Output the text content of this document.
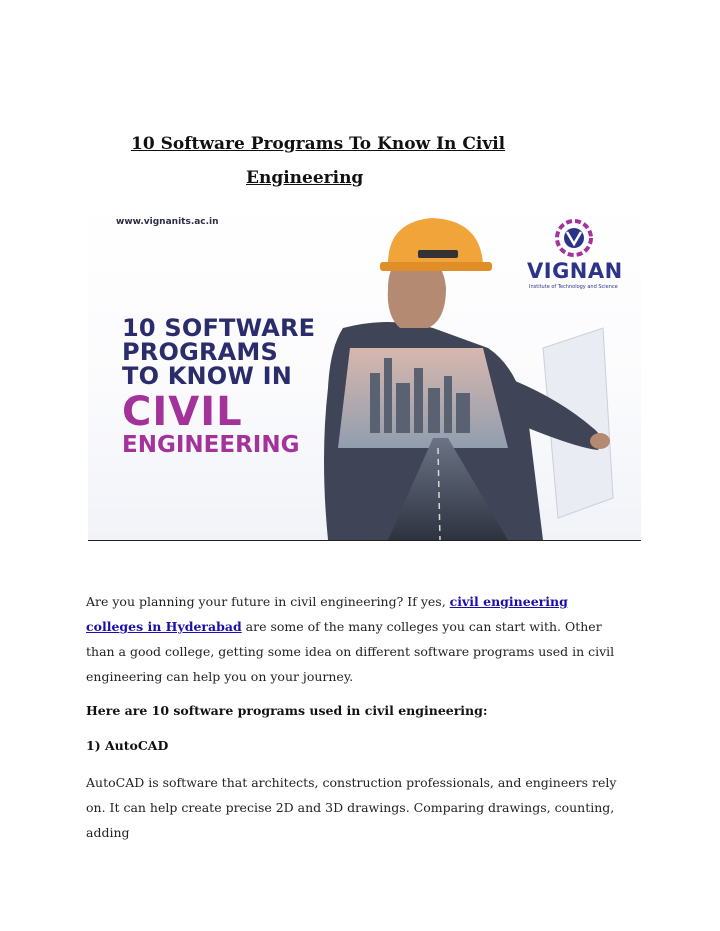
10 Software Programs To Know In Civil
Engineering
www.vignanits.ac.in
10 SOFTWARE
PROGRAMS
TO KNOW IN
CIVIL
ENGINEERING
VIGNAN
Institute of Technology and Science

Are you planning your future in civil engineering? If yes, civil engineering colleges in Hyderabad are some of the many colleges you can start with. Other than a good college, getting some idea on different software programs used in civil engineering can help you on your journey.

Here are 10 software programs used in civil engineering:
1) AutoCAD

AutoCAD is software that architects, construction professionals, and engineers rely on. It can help create precise 2D and 3D drawings. Comparing drawings, counting, adding
